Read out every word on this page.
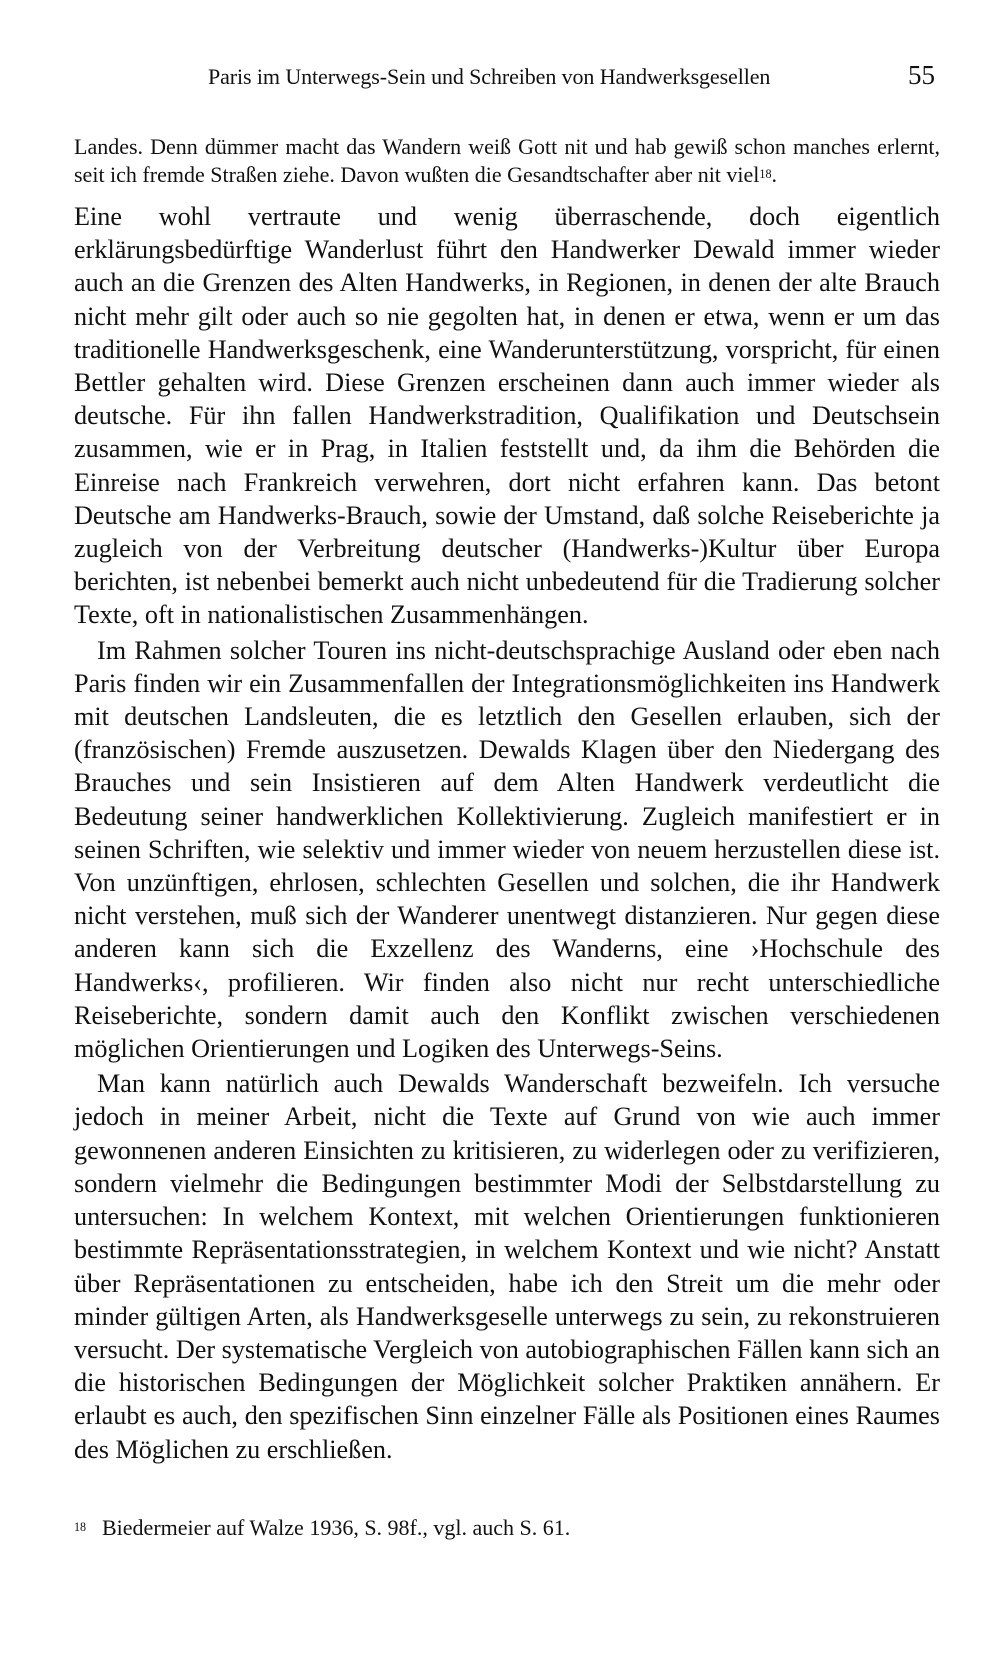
Paris im Unterwegs-Sein und Schreiben von Handwerksgesellen	55
Landes. Denn dümmer macht das Wandern weiß Gott nit und hab gewiß schon manches erlernt, seit ich fremde Straßen ziehe. Davon wußten die Gesandtschafter aber nit viel$^{18}$.

Eine wohl vertraute und wenig überraschende, doch eigentlich erklärungsbedürftige Wanderlust führt den Handwerker Dewald immer wieder auch an die Grenzen des Alten Handwerks, in Regionen, in denen der alte Brauch nicht mehr gilt oder auch so nie gegolten hat, in denen er etwa, wenn er um das traditionelle Handwerksgeschenk, eine Wanderunterstützung, vorspricht, für einen Bettler gehalten wird. Diese Grenzen erscheinen dann auch immer wieder als deutsche. Für ihn fallen Handwerkstradition, Qualifikation und Deutschsein zusammen, wie er in Prag, in Italien feststellt und, da ihm die Behörden die Einreise nach Frankreich verwehren, dort nicht erfahren kann. Das betont Deutsche am Handwerks-Brauch, sowie der Umstand, daß solche Reiseberichte ja zugleich von der Verbreitung deutscher (Handwerks-)Kultur über Europa berichten, ist nebenbei bemerkt auch nicht unbedeutend für die Tradierung solcher Texte, oft in nationalistischen Zusammenhängen.

Im Rahmen solcher Touren ins nicht-deutschsprachige Ausland oder eben nach Paris finden wir ein Zusammenfallen der Integrationsmöglichkeiten ins Handwerk mit deutschen Landsleuten, die es letztlich den Gesellen erlauben, sich der (französischen) Fremde auszusetzen. Dewalds Klagen über den Niedergang des Brauches und sein Insistieren auf dem Alten Handwerk verdeutlicht die Bedeutung seiner handwerklichen Kollektivierung. Zugleich manifestiert er in seinen Schriften, wie selektiv und immer wieder von neuem herzustellen diese ist. Von unzünftigen, ehrlosen, schlechten Gesellen und solchen, die ihr Handwerk nicht verstehen, muß sich der Wanderer unentwegt distanzieren. Nur gegen diese anderen kann sich die Exzellenz des Wanderns, eine ›Hochschule des Handwerks‹, profilieren. Wir finden also nicht nur recht unterschiedliche Reiseberichte, sondern damit auch den Konflikt zwischen verschiedenen möglichen Orientierungen und Logiken des Unterwegs-Seins.

Man kann natürlich auch Dewalds Wanderschaft bezweifeln. Ich versuche jedoch in meiner Arbeit, nicht die Texte auf Grund von wie auch immer gewonnenen anderen Einsichten zu kritisieren, zu widerlegen oder zu verifizieren, sondern vielmehr die Bedingungen bestimmter Modi der Selbstdarstellung zu untersuchen: In welchem Kontext, mit welchen Orientierungen funktionieren bestimmte Repräsentationsstrategien, in welchem Kontext und wie nicht? Anstatt über Repräsentationen zu entscheiden, habe ich den Streit um die mehr oder minder gültigen Arten, als Handwerksgeselle unterwegs zu sein, zu rekonstruieren versucht. Der systematische Vergleich von autobiographischen Fällen kann sich an die historischen Bedingungen der Möglichkeit solcher Praktiken annähern. Er erlaubt es auch, den spezifischen Sinn einzelner Fälle als Positionen eines Raumes des Möglichen zu erschließen.

$^{18}$ Biedermeier auf Walze 1936, S. 98f., vgl. auch S. 61.
